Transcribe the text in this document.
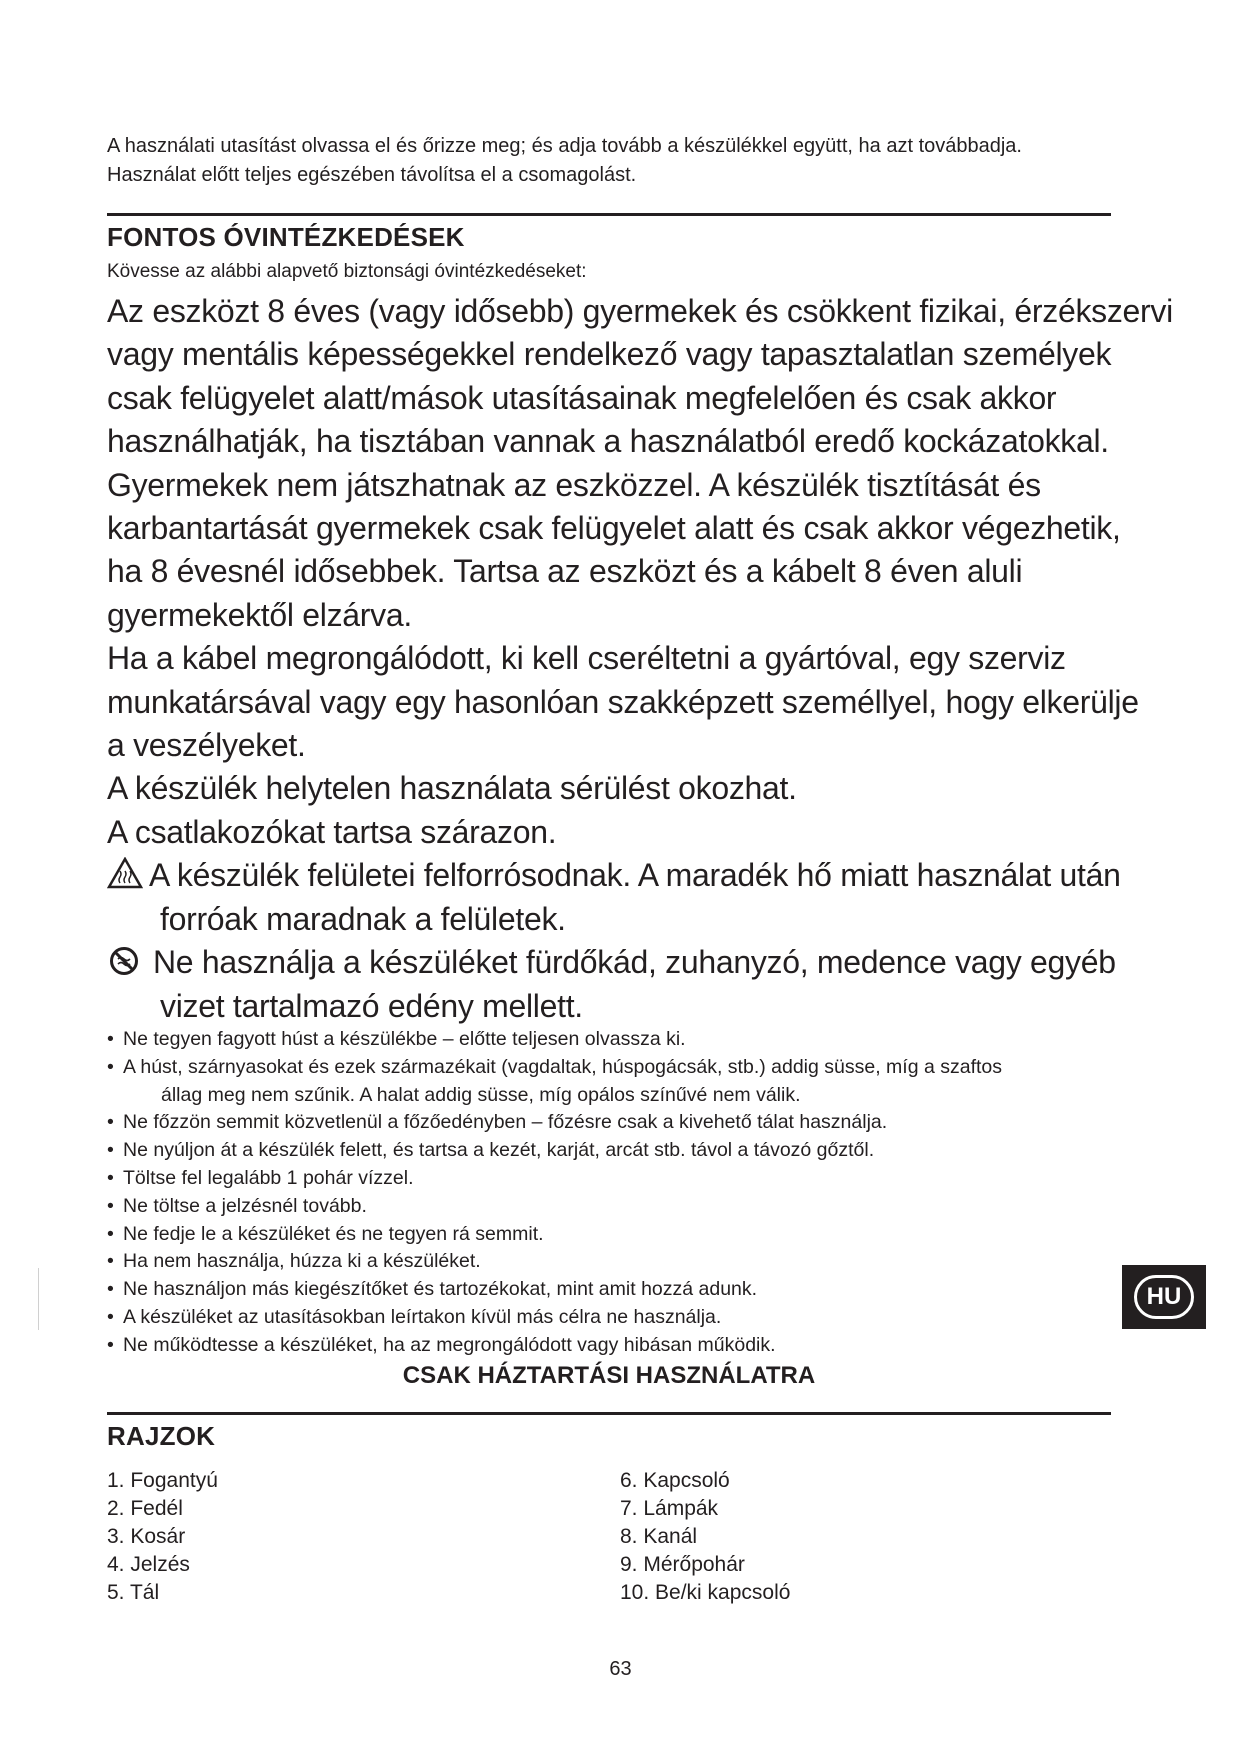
A használati utasítást olvassa el és őrizze meg; és adja tovább a készülékkel együtt, ha azt továbbadja.
Használat előtt teljes egészében távolítsa el a csomagolást.
FONTOS ÓVINTÉZKEDÉSEK
Kövesse az alábbi alapvető biztonsági óvintézkedéseket:
Az eszközt 8 éves (vagy idősebb) gyermekek és csökkent fizikai, érzékszervi
vagy mentális képességekkel rendelkező vagy tapasztalatlan személyek
csak felügyelet alatt/mások utasításainak megfelelően és csak akkor
használhatják, ha tisztában vannak a használatból eredő kockázatokkal.
Gyermekek nem játszhatnak az eszközzel. A készülék tisztítását és
karbantartását gyermekek csak felügyelet alatt és csak akkor végezhetik,
ha 8 évesnél idősebbek. Tartsa az eszközt és a kábelt 8 éven aluli
gyermekektől elzárva.
Ha a kábel megrongálódott, ki kell cseréltetni a gyártóval, egy szerviz
munkatársával vagy egy hasonlóan szakképzett személlyel, hogy elkerülje
a veszélyeket.
A készülék helytelen használata sérülést okozhat.
A csatlakozókat tartsa szárazon.
A készülék felületei felforrósodnak. A maradék hő miatt használat után
forróak maradnak a felületek.
Ne használja a készüléket fürdőkád, zuhanyzó, medence vagy egyéb
vizet tartalmazó edény mellett.
• Ne tegyen fagyott húst a készülékbe – előtte teljesen olvassza ki.
• A húst, szárnyasokat és ezek származékait (vagdaltak, húspogácsák, stb.) addig süsse, míg a szaftos
állag meg nem szűnik. A halat addig süsse, míg opálos színűvé nem válik.
• Ne főzzön semmit közvetlenül a főzőedényben – főzésre csak a kivehető tálat használja.
• Ne nyúljon át a készülék felett, és tartsa a kezét, karját, arcát stb. távol a távozó gőztől.
• Töltse fel legalább 1 pohár vízzel.
• Ne töltse a jelzésnél tovább.
• Ne fedje le a készüléket és ne tegyen rá semmit.
• Ha nem használja, húzza ki a készüléket.
• Ne használjon más kiegészítőket és tartozékokat, mint amit hozzá adunk.
• A készüléket az utasításokban leírtakon kívül más célra ne használja.
• Ne működtesse a készüléket, ha az megrongálódott vagy hibásan működik.
CSAK HÁZTARTÁSI HASZNÁLATRA
HU
RAJZOK
1. Fogantyú
2. Fedél
3. Kosár
4. Jelzés
5. Tál
6. Kapcsoló
7. Lámpák
8. Kanál
9. Mérőpohár
10. Be/ki kapcsoló
63
